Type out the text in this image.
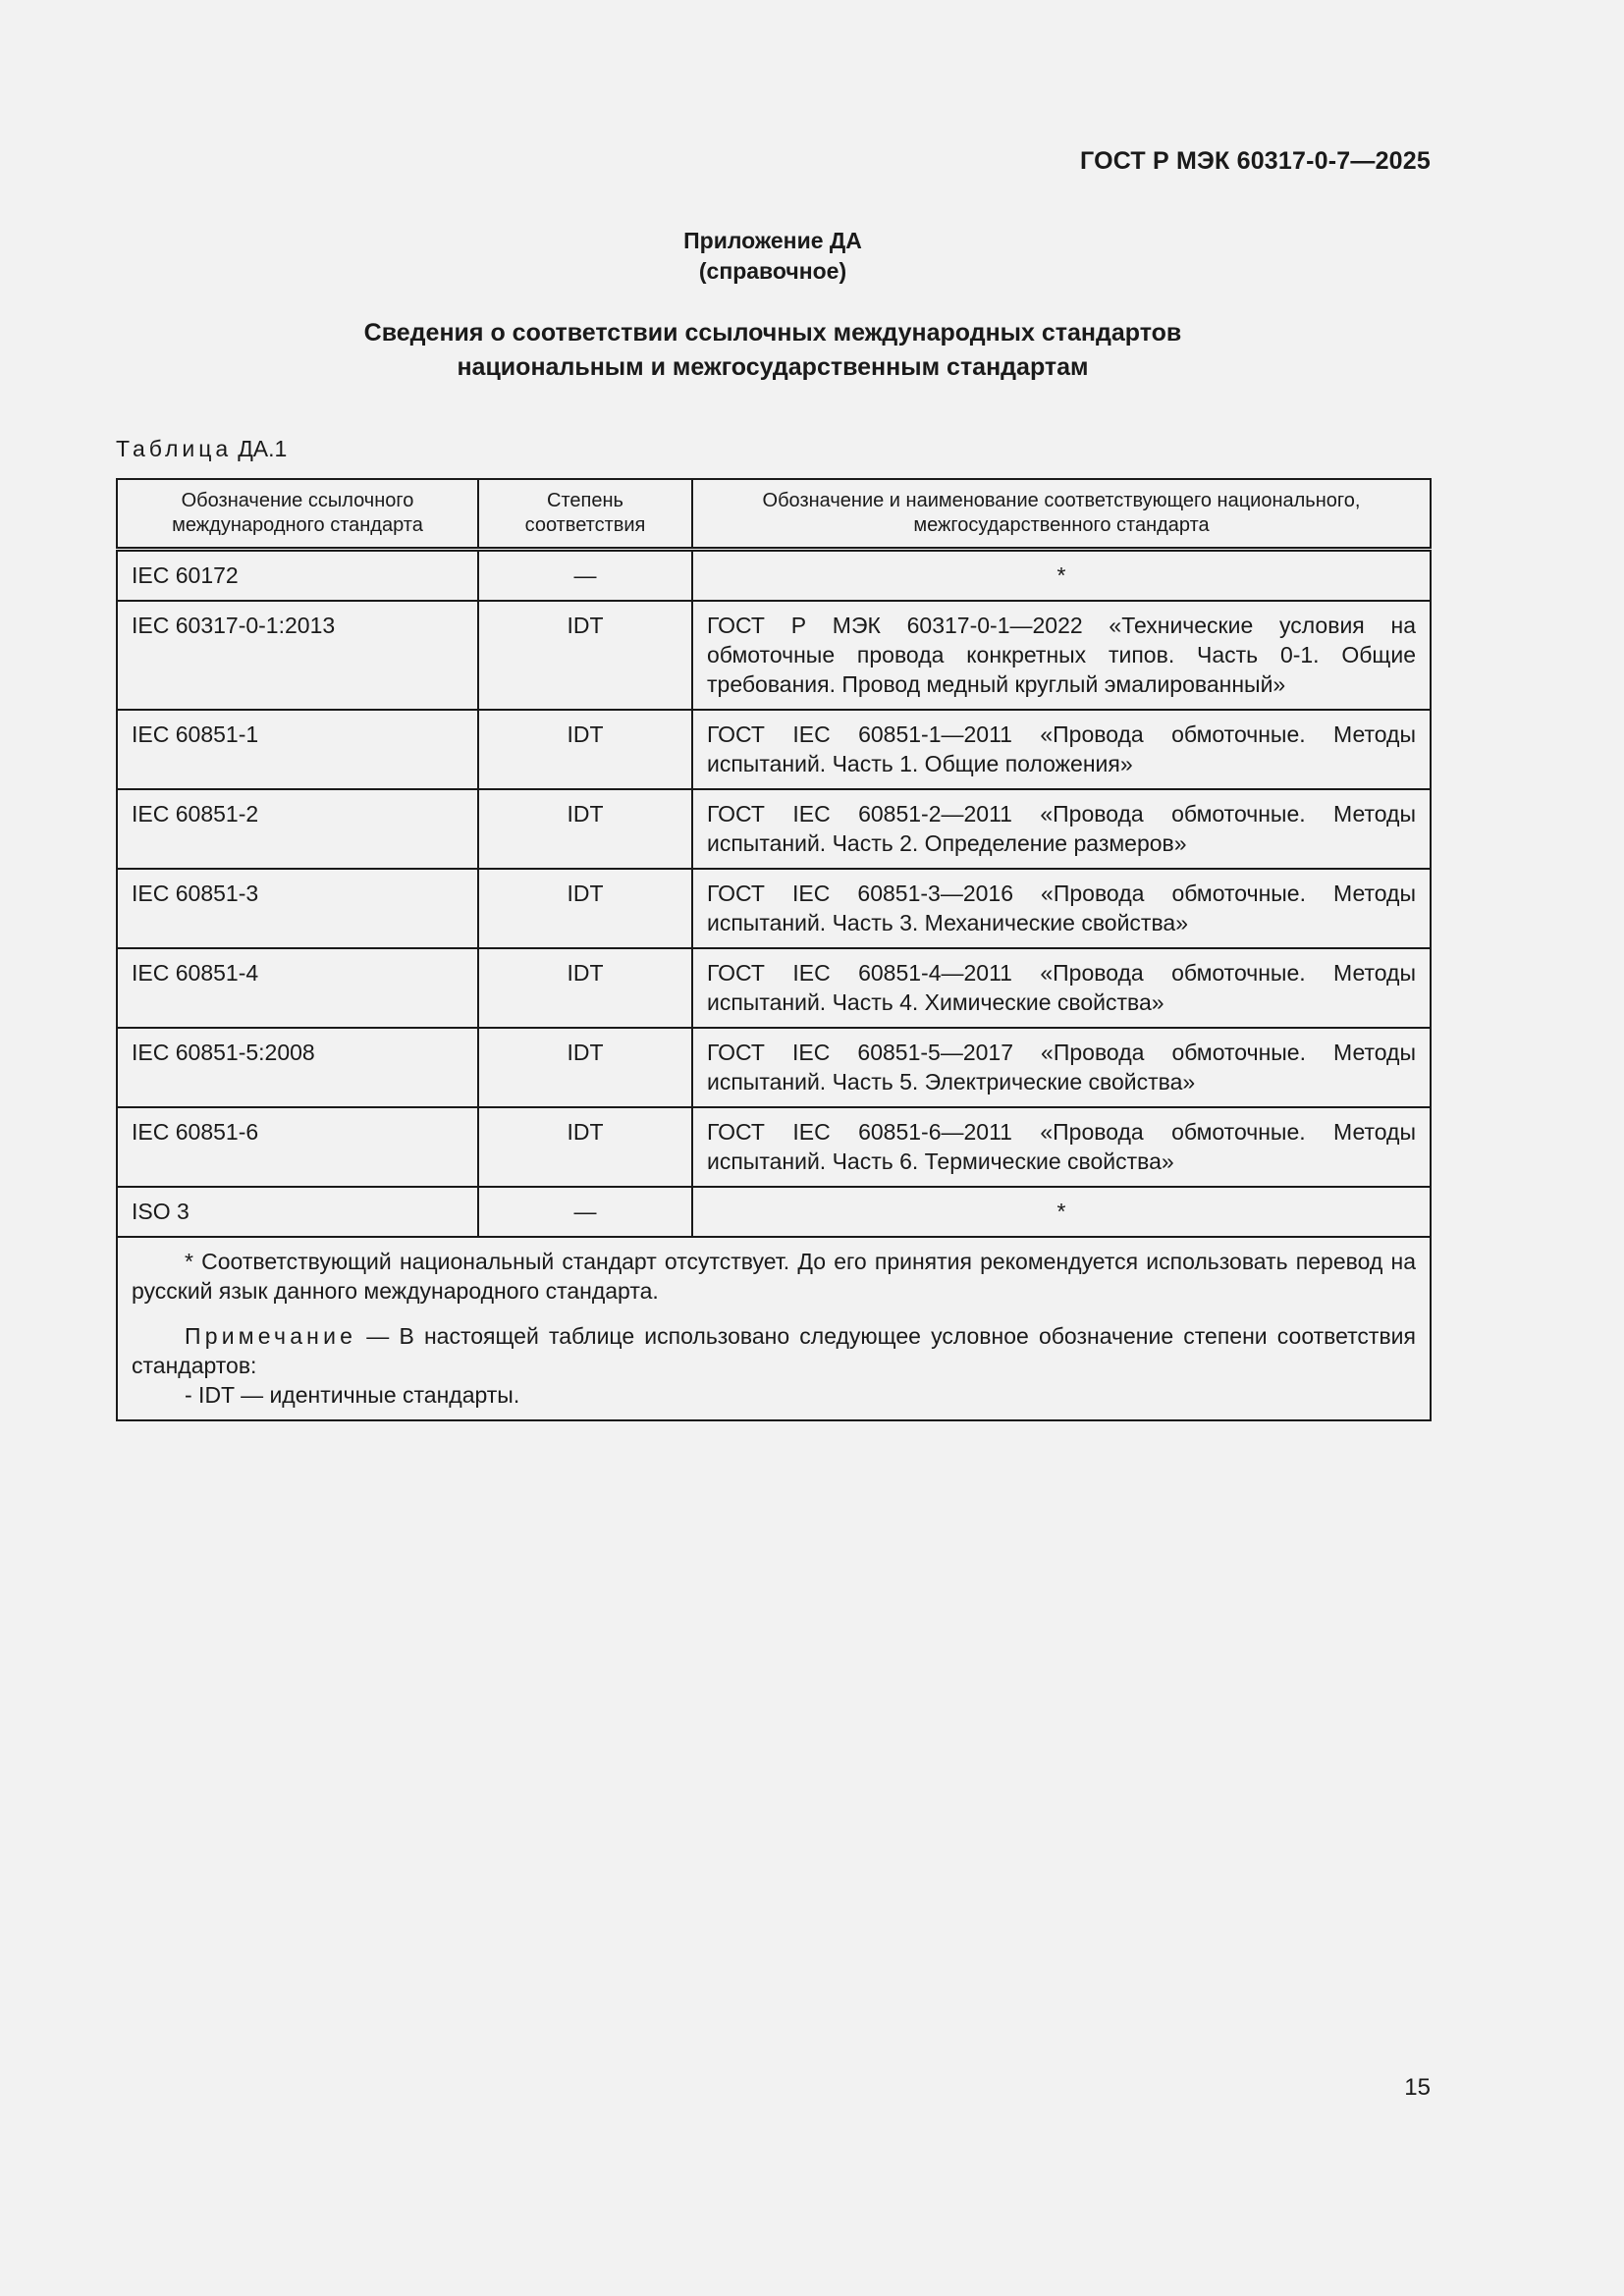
ГОСТ Р МЭК 60317-0-7—2025
Приложение ДА
(справочное)
Сведения о соответствии ссылочных международных стандартов
национальным и межгосударственным стандартам
Таблица ДА.1
Обозначение ссылочного международного стандарта	Степень соответствия	Обозначение и наименование соответствующего национального, межгосударственного стандарта
IEC 60172	—	*
IEC 60317-0-1:2013	IDT	ГОСТ Р МЭК 60317-0-1—2022 «Технические условия на обмоточные провода конкретных типов. Часть 0-1. Общие требования. Провод медный круглый эмалированный»
IEC 60851-1	IDT	ГОСТ IEC 60851-1—2011 «Провода обмоточные. Методы испытаний. Часть 1. Общие положения»
IEC 60851-2	IDT	ГОСТ IEC 60851-2—2011 «Провода обмоточные. Методы испытаний. Часть 2. Определение размеров»
IEC 60851-3	IDT	ГОСТ IEC 60851-3—2016 «Провода обмоточные. Методы испытаний. Часть 3. Механические свойства»
IEC 60851-4	IDT	ГОСТ IEC 60851-4—2011 «Провода обмоточные. Методы испытаний. Часть 4. Химические свойства»
IEC 60851-5:2008	IDT	ГОСТ IEC 60851-5—2017 «Провода обмоточные. Методы испытаний. Часть 5. Электрические свойства»
IEC 60851-6	IDT	ГОСТ IEC 60851-6—2011 «Провода обмоточные. Методы испытаний. Часть 6. Термические свойства»
ISO 3	—	*

* Соответствующий национальный стандарт отсутствует. До его принятия рекомендуется использовать перевод на русский язык данного международного стандарта.

Примечание — В настоящей таблице использовано следующее условное обозначение степени соответствия стандартов:

- IDT — идентичные стандарты.		

15
